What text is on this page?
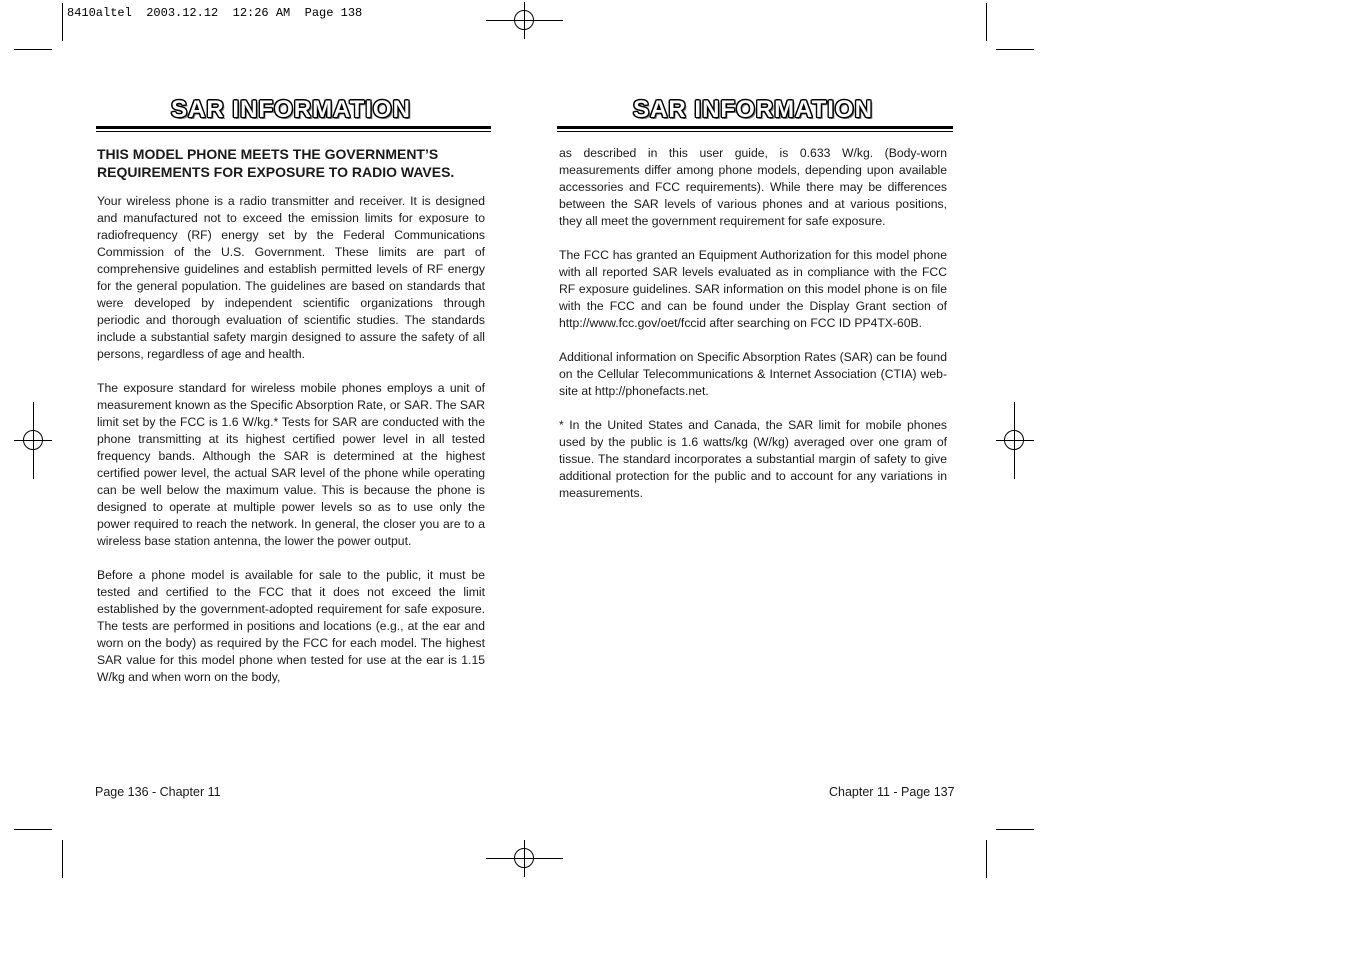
8410altel  2003.12.12  12:26 AM  Page 138
SAR INFORMATION
THIS MODEL PHONE MEETS THE GOVERNMENT’S REQUIREMENTS FOR EXPOSURE TO RADIO WAVES.

Your wireless phone is a radio transmitter and receiver. It is designed and manufactured not to exceed the emission limits for exposure to radiofrequency (RF) energy set by the Federal Communications Commission of the U.S. Government. These limits are part of comprehensive guidelines and establish permitted levels of RF energy for the general population. The guidelines are based on standards that were developed by independent scientific organizations through periodic and thorough evaluation of scientific studies. The standards include a substantial safety margin designed to assure the safety of all persons, regardless of age and health.

The exposure standard for wireless mobile phones employs a unit of measurement known as the Specific Absorption Rate, or SAR. The SAR limit set by the FCC is 1.6 W/kg.* Tests for SAR are conducted with the phone transmitting at its highest certified power level in all tested frequency bands. Although the SAR is determined at the highest certified power level, the actual SAR level of the phone while operating can be well below the maximum value. This is because the phone is designed to operate at multiple power levels so as to use only the power required to reach the network. In general, the closer you are to a wireless base station antenna, the lower the power output.

Before a phone model is available for sale to the public, it must be tested and certified to the FCC that it does not exceed the limit established by the government-adopted requirement for safe exposure. The tests are performed in positions and locations (e.g., at the ear and worn on the body) as required by the FCC for each model. The highest SAR value for this model phone when tested for use at the ear is 1.15 W/kg and when worn on the body,

Page 136 - Chapter 11
SAR INFORMATION

as described in this user guide, is 0.633 W/kg. (Body-worn measurements differ among phone models, depending upon available accessories and FCC requirements). While there may be differences between the SAR levels of various phones and at various positions, they all meet the government requirement for safe exposure.

The FCC has granted an Equipment Authorization for this model phone with all reported SAR levels evaluated as in compliance with the FCC RF exposure guidelines. SAR information on this model phone is on file with the FCC and can be found under the Display Grant section of http://www.fcc.gov/oet/fccid after searching on FCC ID PP4TX-60B.

Additional information on Specific Absorption Rates (SAR) can be found on the Cellular Telecommunications & Internet Association (CTIA) web-site at http://phonefacts.net.

* In the United States and Canada, the SAR limit for mobile phones used by the public is 1.6 watts/kg (W/kg) averaged over one gram of tissue. The standard incorporates a substantial margin of safety to give additional protection for the public and to account for any variations in measurements.

Chapter 11 - Page 137
